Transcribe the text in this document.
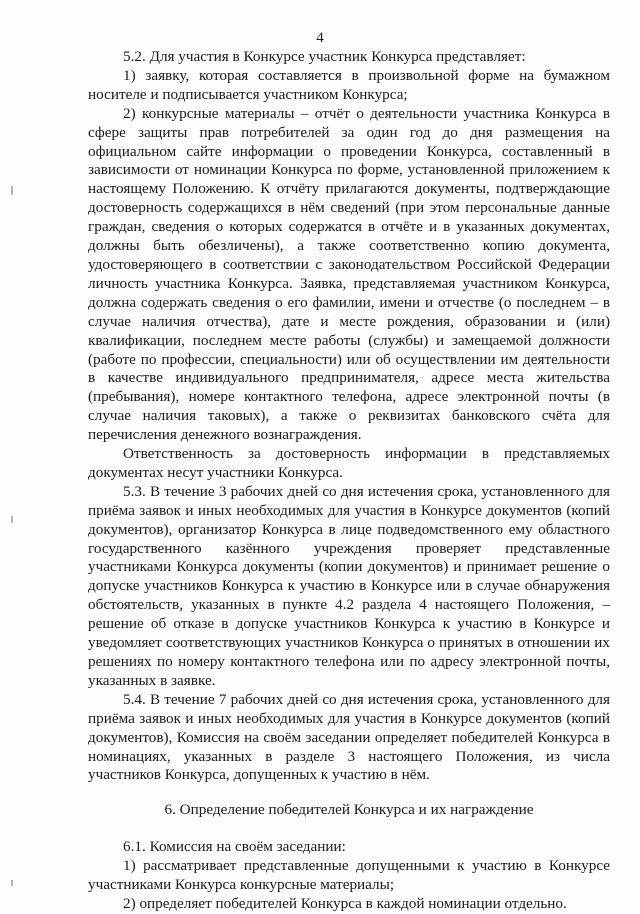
4

5.2. Для участия в Конкурсе участник Конкурса представляет:

1) заявку, которая составляется в произвольной форме на бумажном носителе и подписывается участником Конкурса;

2) конкурсные материалы – отчёт о деятельности участника Конкурса в сфере защиты прав потребителей за один год до дня размещения на официальном сайте информации о проведении Конкурса, составленный в зависимости от номинации Конкурса по форме, установленной приложением к настоящему Положению. К отчёту прилагаются документы, подтверждающие достоверность содержащихся в нём сведений (при этом персональные данные граждан, сведения о которых содержатся в отчёте и в указанных документах, должны быть обезличены), а также соответственно копию документа, удостоверяющего в соответствии с законодательством Российской Федерации личность участника Конкурса. Заявка, представляемая участником Конкурса, должна содержать сведения о его фамилии, имени и отчестве (о последнем – в случае наличия отчества), дате и месте рождения, образовании и (или) квалификации, последнем месте работы (службы) и замещаемой должности (работе по профессии, специальности) или об осуществлении им деятельности в качестве индивидуального предпринимателя, адресе места жительства (пребывания), номере контактного телефона, адресе электронной почты (в случае наличия таковых), а также о реквизитах банковского счёта для перечисления денежного вознаграждения.

Ответственность за достоверность информации в представляемых документах несут участники Конкурса.

5.3. В течение 3 рабочих дней со дня истечения срока, установленного для приёма заявок и иных необходимых для участия в Конкурсе документов (копий документов), организатор Конкурса в лице подведомственного ему областного государственного казённого учреждения проверяет представленные участниками Конкурса документы (копии документов) и принимает решение о допуске участников Конкурса к участию в Конкурсе или в случае обнаружения обстоятельств, указанных в пункте 4.2 раздела 4 настоящего Положения, – решение об отказе в допуске участников Конкурса к участию в Конкурсе и уведомляет соответствующих участников Конкурса о принятых в отношении их решениях по номеру контактного телефона или по адресу электронной почты, указанных в заявке.

5.4. В течение 7 рабочих дней со дня истечения срока, установленного для приёма заявок и иных необходимых для участия в Конкурсе документов (копий документов), Комиссия на своём заседании определяет победителей Конкурса в номинациях, указанных в разделе 3 настоящего Положения, из числа участников Конкурса, допущенных к участию в нём.

6. Определение победителей Конкурса и их награждение

6.1. Комиссия на своём заседании:

1) рассматривает представленные допущенными к участию в Конкурсе участниками Конкурса конкурсные материалы;

2) определяет победителей Конкурса в каждой номинации отдельно.
